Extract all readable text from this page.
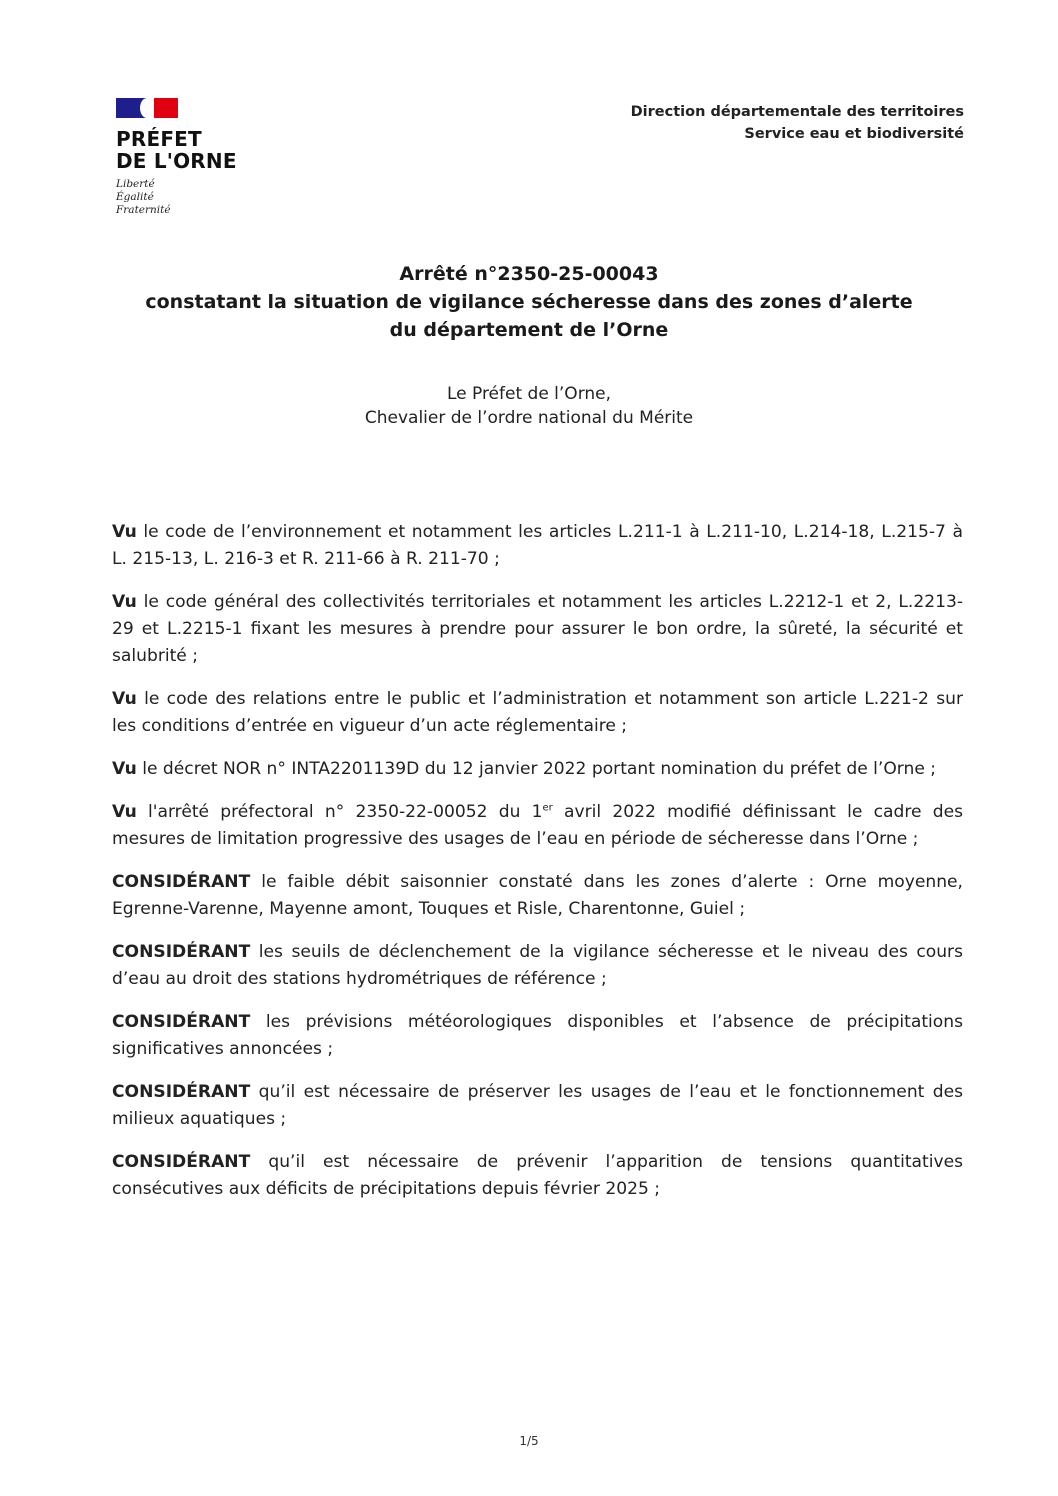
PRÉFET
DE L'ORNE
Liberté
Égalité
Fraternité
Direction départementale des territoires
Service eau et biodiversité
Arrêté n°2350-25-00043
constatant la situation de vigilance sécheresse dans des zones d’alerte
du département de l’Orne
Le Préfet de l’Orne,
Chevalier de l’ordre national du Mérite

Vu le code de l’environnement et notamment les articles L.211-1 à L.211-10, L.214-18, L.215-7 à L. 215-13, L. 216-3 et R. 211-66 à R. 211-70 ;

Vu le code général des collectivités territoriales et notamment les articles L.2212-1 et 2, L.2213-29 et L.2215-1 fixant les mesures à prendre pour assurer le bon ordre, la sûreté, la sécurité et salubrité ;

Vu le code des relations entre le public et l’administration et notamment son article L.221-2 sur les conditions d’entrée en vigueur d’un acte réglementaire ;

Vu le décret NOR n° INTA2201139D du 12 janvier 2022 portant nomination du préfet de l’Orne ;

Vu l'arrêté préfectoral n° 2350-22-00052 du 1er avril 2022 modifié définissant le cadre des mesures de limitation progressive des usages de l’eau en période de sécheresse dans l’Orne ;

CONSIDÉRANT le faible débit saisonnier constaté dans les zones d’alerte : Orne moyenne, Egrenne-Varenne, Mayenne amont, Touques et Risle, Charentonne, Guiel ;

CONSIDÉRANT les seuils de déclenchement de la vigilance sécheresse et le niveau des cours d’eau au droit des stations hydrométriques de référence ;

CONSIDÉRANT les prévisions météorologiques disponibles et l’absence de précipitations significatives annoncées ;

CONSIDÉRANT qu’il est nécessaire de préserver les usages de l’eau et le fonctionnement des milieux aquatiques ;

CONSIDÉRANT qu’il est nécessaire de prévenir l’apparition de tensions quantitatives consécutives aux déficits de précipitations depuis février 2025 ;

1/5
